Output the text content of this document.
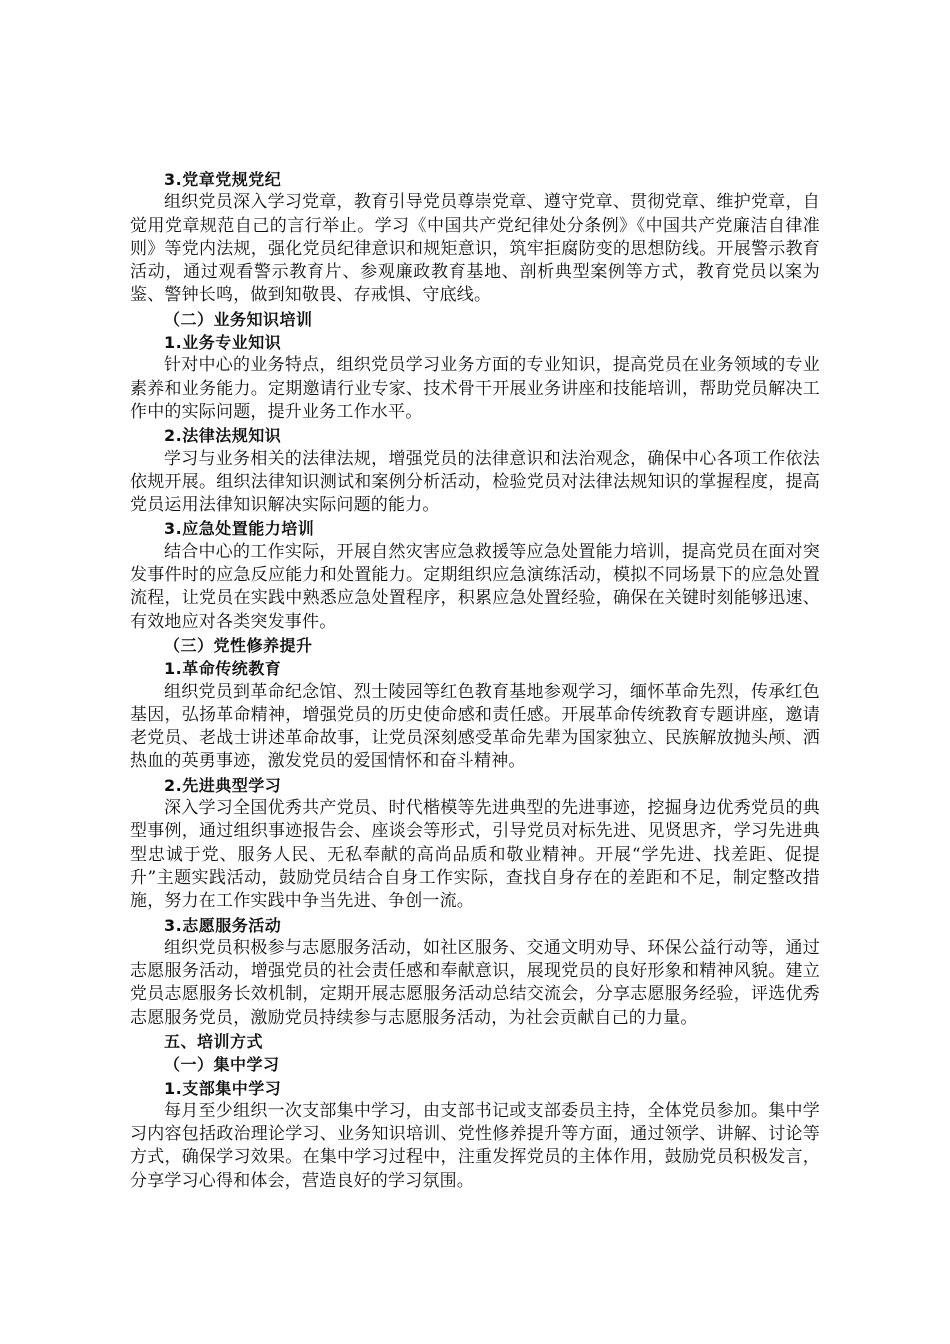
3.党章党规党纪

组织党员深入学习党章，教育引导党员尊崇党章、遵守党章、贯彻党章、维护党章，自觉用党章规范自己的言行举止。学习《中国共产党纪律处分条例》《中国共产党廉洁自律准则》等党内法规，强化党员纪律意识和规矩意识，筑牢拒腐防变的思想防线。开展警示教育活动，通过观看警示教育片、参观廉政教育基地、剖析典型案例等方式，教育党员以案为鉴、警钟长鸣，做到知敬畏、存戒惧、守底线。

（二）业务知识培训

1.业务专业知识

针对中心的业务特点，组织党员学习业务方面的专业知识，提高党员在业务领域的专业素养和业务能力。定期邀请行业专家、技术骨干开展业务讲座和技能培训，帮助党员解决工作中的实际问题，提升业务工作水平。

2.法律法规知识

学习与业务相关的法律法规，增强党员的法律意识和法治观念，确保中心各项工作依法依规开展。组织法律知识测试和案例分析活动，检验党员对法律法规知识的掌握程度，提高党员运用法律知识解决实际问题的能力。

3.应急处置能力培训

结合中心的工作实际，开展自然灾害应急救援等应急处置能力培训，提高党员在面对突发事件时的应急反应能力和处置能力。定期组织应急演练活动，模拟不同场景下的应急处置流程，让党员在实践中熟悉应急处置程序，积累应急处置经验，确保在关键时刻能够迅速、有效地应对各类突发事件。

（三）党性修养提升

1.革命传统教育

组织党员到革命纪念馆、烈士陵园等红色教育基地参观学习，缅怀革命先烈，传承红色基因，弘扬革命精神，增强党员的历史使命感和责任感。开展革命传统教育专题讲座，邀请老党员、老战士讲述革命故事，让党员深刻感受革命先辈为国家独立、民族解放抛头颅、洒热血的英勇事迹，激发党员的爱国情怀和奋斗精神。

2.先进典型学习

深入学习全国优秀共产党员、时代楷模等先进典型的先进事迹，挖掘身边优秀党员的典型事例，通过组织事迹报告会、座谈会等形式，引导党员对标先进、见贤思齐，学习先进典型忠诚于党、服务人民、无私奉献的高尚品质和敬业精神。开展“学先进、找差距、促提升”主题实践活动，鼓励党员结合自身工作实际，查找自身存在的差距和不足，制定整改措施，努力在工作实践中争当先进、争创一流。

3.志愿服务活动

组织党员积极参与志愿服务活动，如社区服务、交通文明劝导、环保公益行动等，通过志愿服务活动，增强党员的社会责任感和奉献意识，展现党员的良好形象和精神风貌。建立党员志愿服务长效机制，定期开展志愿服务活动总结交流会，分享志愿服务经验，评选优秀志愿服务党员，激励党员持续参与志愿服务活动，为社会贡献自己的力量。

五、培训方式

（一）集中学习

1.支部集中学习

每月至少组织一次支部集中学习，由支部书记或支部委员主持，全体党员参加。集中学习内容包括政治理论学习、业务知识培训、党性修养提升等方面，通过领学、讲解、讨论等方式，确保学习效果。在集中学习过程中，注重发挥党员的主体作用，鼓励党员积极发言，分享学习心得和体会，营造良好的学习氛围。
